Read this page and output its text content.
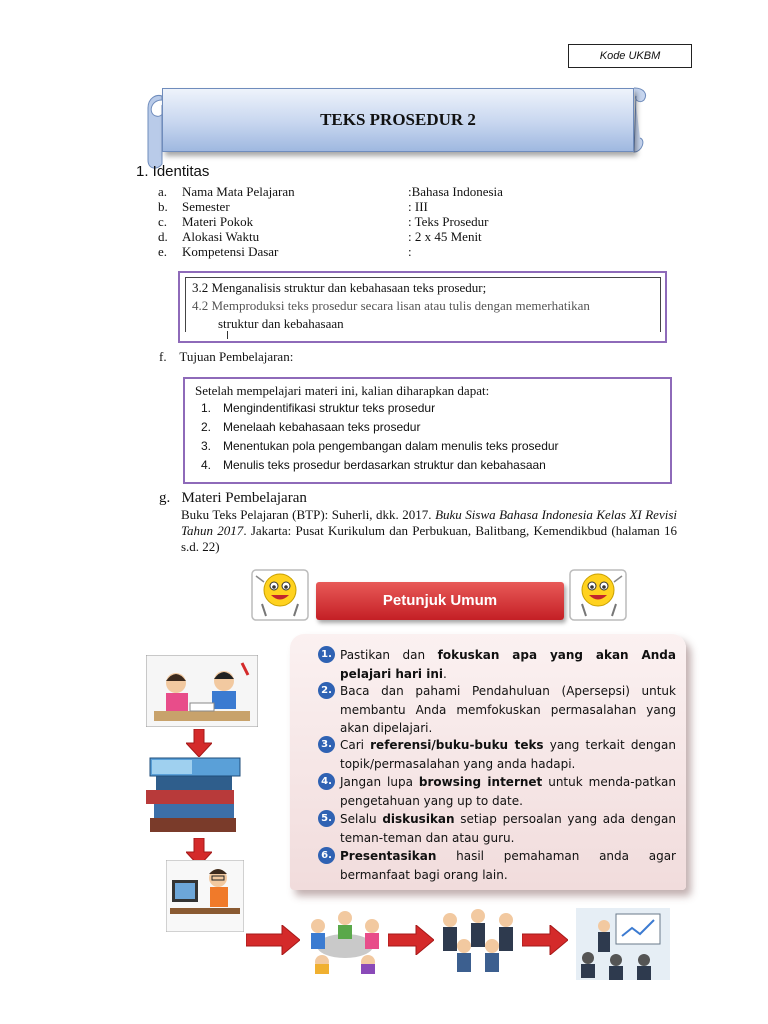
Kode UKBM
TEKS PROSEDUR 2
1. Identitas
a. Nama Mata Pelajaran	:Bahasa Indonesia
b. Semester	: III
c. Materi Pokok	: Teks Prosedur
d. Alokasi Waktu	: 2 x 45 Menit
e. Kompetensi Dasar	:
3.2 Menganalisis struktur dan kebahasaan teks prosedur;
4.2 Memproduksi teks prosedur secara lisan atau tulis dengan memerhatikan
struktur dan kebahasaan
f.    Tujuan Pembelajaran:
Setelah mempelajari materi ini, kalian diharapkan dapat:
1. Mengindentifikasi struktur teks prosedur
2. Menelaah kebahasaan teks prosedur
3. Menentukan pola pengembangan dalam menulis teks prosedur
4. Menulis teks prosedur berdasarkan struktur dan kebahasaan
g.   Materi Pembelajaran
Buku Teks Pelajaran (BTP): Suherli, dkk. 2017. Buku Siswa Bahasa Indonesia Kelas XI Revisi Tahun 2017. Jakarta: Pusat Kurikulum dan Perbukuan, Balitbang, Kemendikbud (halaman 16 s.d. 22)
Petunjuk Umum
1. Pastikan dan fokuskan apa yang akan Anda pelajari hari ini.
2. Baca dan pahami Pendahuluan (Apersepsi) untuk membantu Anda memfokuskan permasalahan yang akan dipelajari.
3. Cari referensi/buku-buku teks yang terkait dengan topik/permasalahan yang anda hadapi.
4. Jangan lupa browsing internet untuk menda-patkan pengetahuan yang up to date.
5. Selalu diskusikan setiap persoalan yang ada dengan teman-teman dan atau guru.
6. Presentasikan hasil pemahaman anda agar bermanfaat bagi orang lain.
